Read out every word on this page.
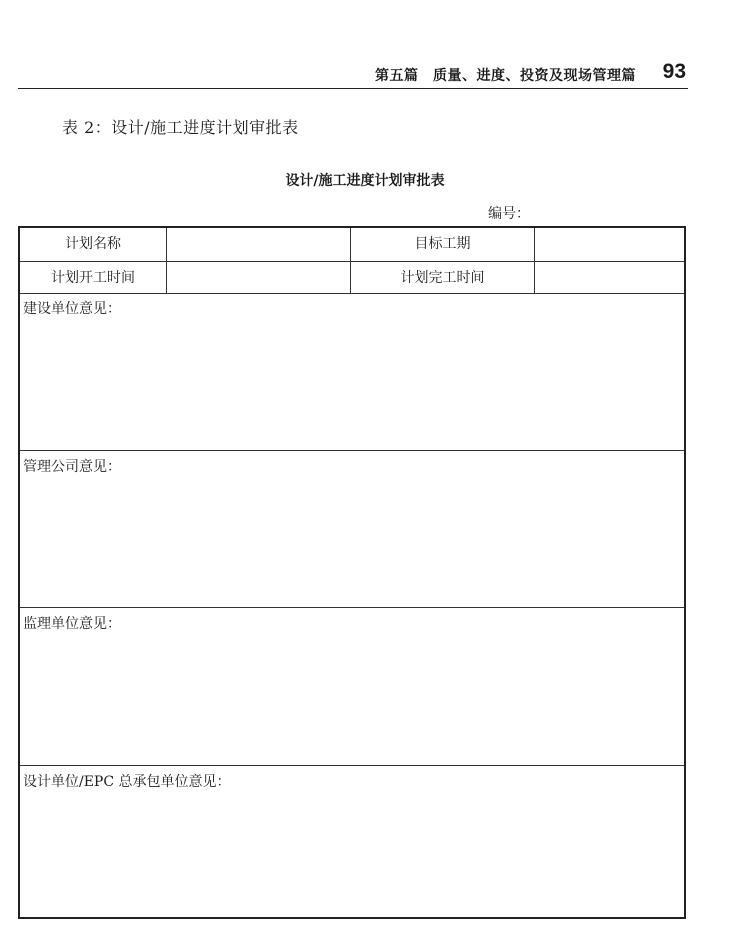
第五篇　质量、进度、投资及现场管理篇 93
表 2：设计/施工进度计划审批表
设计/施工进度计划审批表
编号：
计划名称	目标工期
计划开工时间	计划完工时间
建设单位意见：
管理公司意见：
监理单位意见：
设计单位/EPC 总承包单位意见：
